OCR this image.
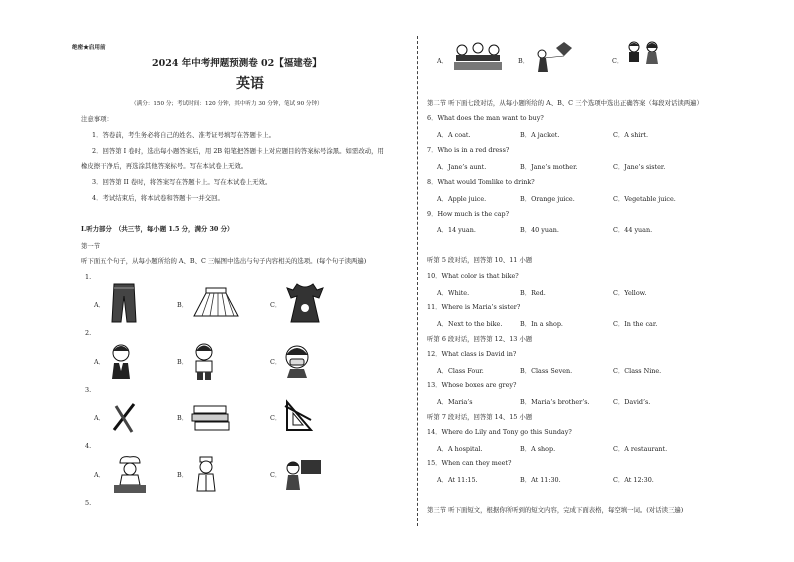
绝密★启用前
2024 年中考押题预测卷 02【福建卷】
英语
（满分：150 分；考试时间：120 分钟，其中听力 30 分钟，笔试 90 分钟）
注意事项：
1．答卷前，考生务必将自己的姓名、准考证号填写在答题卡上。
2．回答第 I 卷时，选出每小题答案后，用 2B 铅笔把答题卡上对应题目的答案标号涂黑。如需改动，用
橡皮擦干净后，再选涂其他答案标号。写在本试卷上无效。
3．回答第 II 卷时，将答案写在答题卡上。写在本试卷上无效。
4．考试结束后，将本试卷和答题卡一并交回。
I.听力部分　（共三节，每小题 1.5 分，满分 30 分）
第一节
听下面五个句子，从每小题所给的 A、B、C 三幅图中选出与句子内容相关的选项。(每个句子读两遍)
1.
A．	B．	C．
2.
A．	B．	C．
3.
A．	B．	C．
4.
A．	B．	C．
5.
A．	B．	C．
第二节 听下面七段对话，从每小题所给的 A、B、C 三个选项中选出正确答案（每段对话读两遍）
6．What does the man want to buy?
A．A coat.	B．A jacket.	C．A shirt.
7．Who is in a red dress?
A．Jane’s aunt.	B．Jane’s mother.	C．Jane’s sister.
8．What would Tomlike to drink?
A．Apple juice.	B．Orange juice.	C．Vegetable juice.
9．How much is the cap?
A．14 yuan.	B．40 yuan.	C．44 yuan.
听第 5 段对话，回答第 10、11 小题
10．What color is that bike?
A．White.	B．Red.	C．Yellow.
11．Where is Maria’s sister?
A．Next to the bike.	B．In a shop.	C．In the car.
听第 6 段对话，回答第 12、13 小题
12．What class is David in?
A．Class Four.	B．Class Seven.	C．Class Nine.
13．Whose boxes are grey?
A．Maria’s	B．Maria’s brother’s.	C．David’s.
听第 7 段对话，回答第 14、15 小题
14．Where do Lily and Tony go this Sunday?
A．A hospital.	B．A shop.	C．A restaurant.
15．When can they meet?
A．At 11:15.	B．At 11:30.	C．At 12:30.
第三节 听下面短文，根据你所听到的短文内容，完成下面表格，每空填一词。(对话读三遍)
